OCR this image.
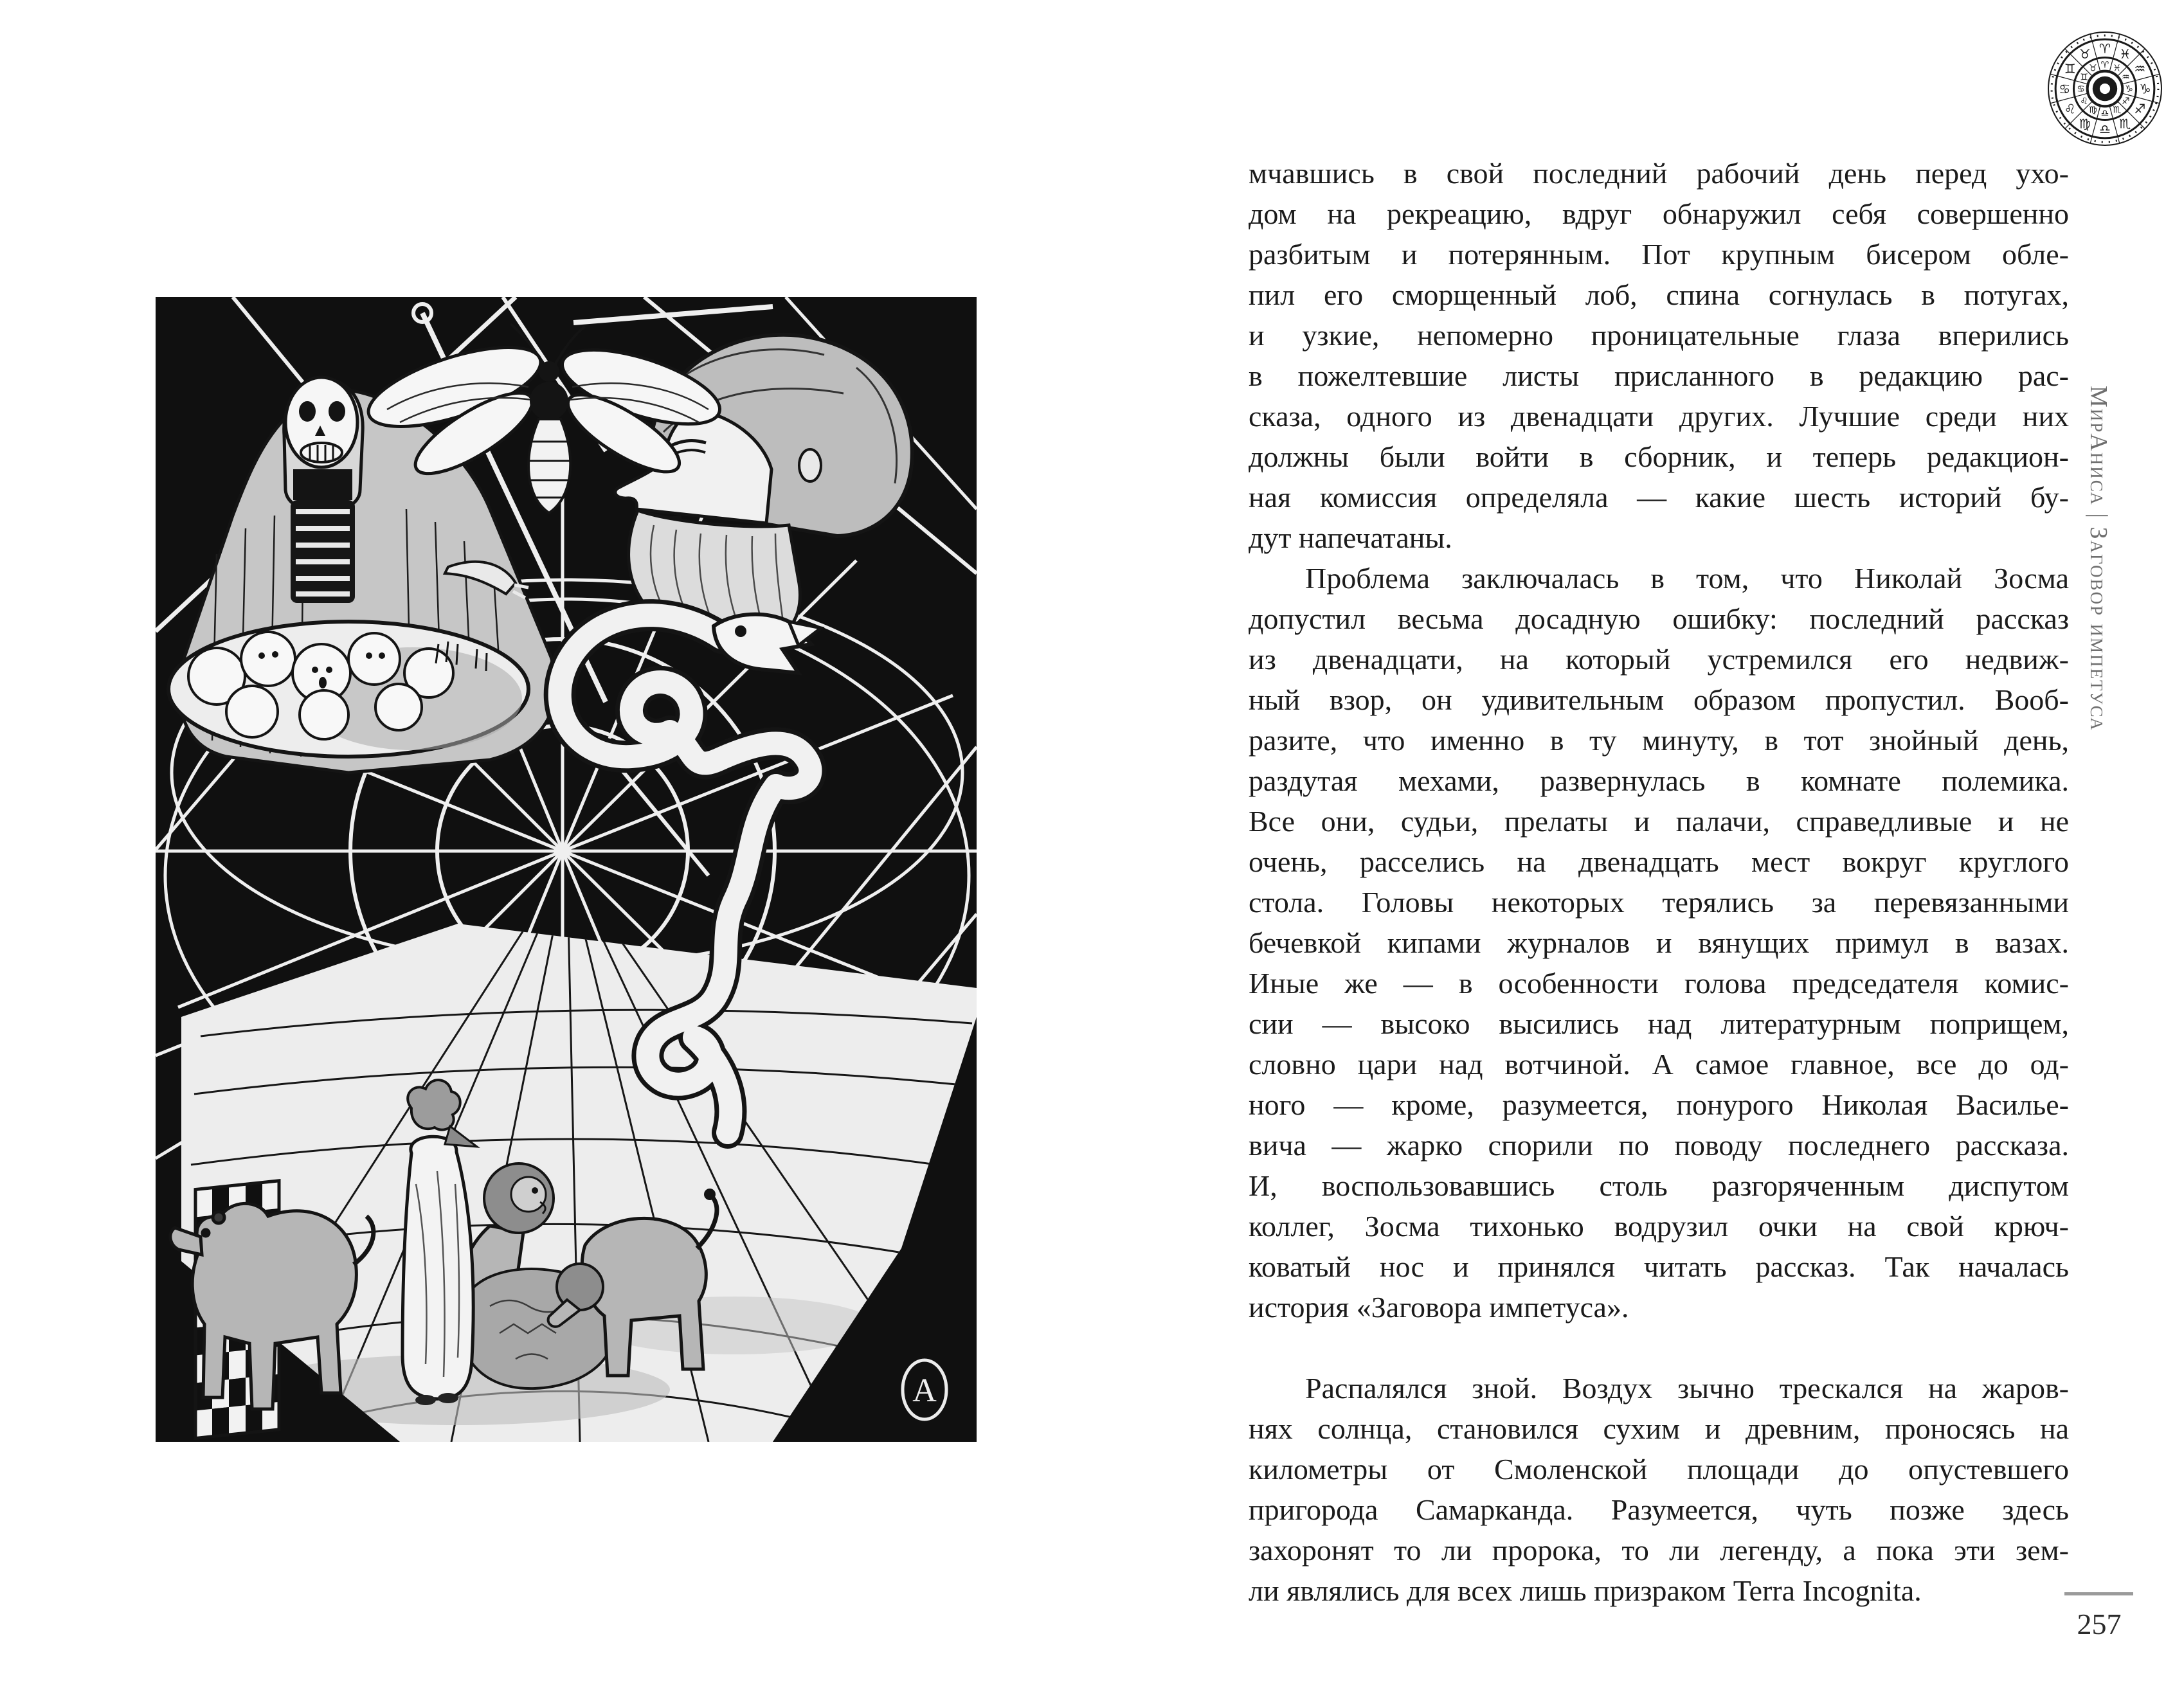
А
♈
♈
♉
♉
♊
♊
♋
♋
♌
♌ ♍
♍
♎
♎
♏
♏
♐ ♐
♑ ♑
♒
♒
♓
♓
мчавшись в свой последний рабочий день перед ухо-
дом на рекреацию, вдруг обнаружил себя совершенно
разбитым и потерянным. Пот крупным бисером обле-
пил его сморщенный лоб, спина согнулась в потугах,
и узкие, непомерно проницательные глаза вперились
в пожелтевшие листы присланного в редакцию рас-
сказа, одного из двенадцати других. Лучшие среди них
должны были войти в сборник, и теперь редакцион-
ная комиссия определяла — какие шесть историй бу-
дут напечатаны.
Проблема заключалась в том, что Николай Зосма
допустил весьма досадную ошибку: последний рассказ
из двенадцати, на который устремился его недвиж-
ный взор, он удивительным образом пропустил. Вооб-
разите, что именно в ту минуту, в тот знойный день,
раздутая мехами, развернулась в комнате полемика.
Все они, судьи, прелаты и палачи, справедливые и не
очень, расселись на двенадцать мест вокруг круглого
стола. Головы некоторых терялись за перевязанными
бечевкой кипами журналов и вянущих примул в вазах.
Иные же — в особенности голова председателя комис-
сии — высоко высились над литературным поприщем,
словно цари над вотчиной. А самое главное, все до од-
ного — кроме, разумеется, понурого Николая Василье-
вича — жарко спорили по поводу последнего рассказа.
И, воспользовавшись столь разгоряченным диспутом
коллег, Зосма тихонько водрузил очки на свой крюч-
коватый нос и принялся читать рассказ. Так началась
история «Заговора импетуса».
Распалялся зной. Воздух зычно трескался на жаров-
нях солнца, становился сухим и древним, проносясь на
километры от Смоленской площади до опустевшего
пригорода Самарканда. Разумеется, чуть позже здесь
захоронят то ли пророка, то ли легенду, а пока эти зем-
ли являлись для всех лишь призраком Terra Incognita.
МирАниса | Заговор импетуса
257
